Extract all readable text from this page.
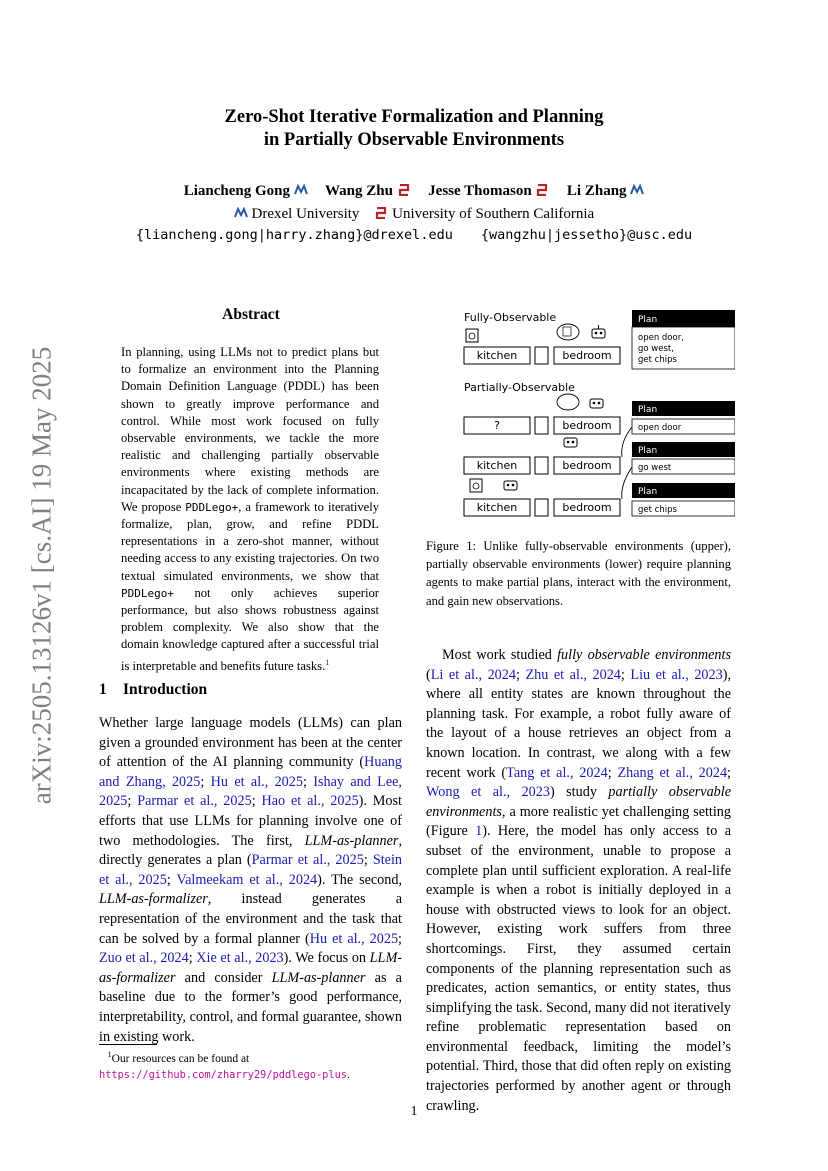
Zero-Shot Iterative Formalization and Planning
in Partially Observable Environments
Liancheng Gong Wang Zhu Jesse Thomason Li Zhang
Drexel University University of Southern California
{liancheng.gong|harry.zhang}@drexel.edu {wangzhu|jessetho}@usc.edu
arXiv:2505.13126v1 [cs.AI] 19 May 2025
Abstract
In planning, using LLMs not to predict plans but to formalize an environment into the Planning Domain Definition Language (PDDL) has been shown to greatly improve performance and control. While most work focused on fully observable environments, we tackle the more realistic and challenging partially observable environments where existing methods are incapacitated by the lack of complete information. We propose PDDLego+, a framework to iteratively formalize, plan, grow, and refine PDDL representations in a zero-shot manner, without needing access to any existing trajectories. On two textual simulated environments, we show that PDDLego+ not only achieves superior performance, but also shows robustness against problem complexity. We also show that the domain knowledge captured after a successful trial is interpretable and benefits future tasks.$^1$
1 Introduction
Whether large language models (LLMs) can plan given a grounded environment has been at the center of attention of the AI planning community (Huang and Zhang, 2025; Hu et al., 2025; Ishay and Lee, 2025; Parmar et al., 2025; Hao et al., 2025). Most efforts that use LLMs for planning involve one of two methodologies. The first, LLM-as-planner, directly generates a plan (Parmar et al., 2025; Stein et al., 2025; Valmeekam et al., 2024). The second, LLM-as-formalizer, instead generates a representation of the environment and the task that can be solved by a formal planner (Hu et al., 2025; Zuo et al., 2024; Xie et al., 2023). We focus on LLM-as-formalizer and consider LLM-as-planner as a baseline due to the former’s good performance, interpretability, control, and formal guarantee, shown in existing work.
$^1$Our resources can be found at https://github.com/zharry29/pddlego-plus.
Fully-Observable
kitchen	bedroom
Plan
open door,
go west,
get chips
Partially-Observable
?	bedroom
Plan
open door
kitchen	bedroom
Plan
go west
kitchen	bedroom
Plan
get chips
Figure 1: Unlike fully-observable environments (upper), partially observable environments (lower) require planning agents to make partial plans, interact with the environment, and gain new observations.
Most work studied fully observable environments (Li et al., 2024; Zhu et al., 2024; Liu et al., 2023), where all entity states are known throughout the planning task. For example, a robot fully aware of the layout of a house retrieves an object from a known location. In contrast, we along with a few recent work (Tang et al., 2024; Zhang et al., 2024; Wong et al., 2023) study partially observable environments, a more realistic yet challenging setting (Figure 1). Here, the model has only access to a subset of the environment, unable to propose a complete plan until sufficient exploration. A real-life example is when a robot is initially deployed in a house with obstructed views to look for an object. However, existing work suffers from three shortcomings. First, they assumed certain components of the planning representation such as predicates, action semantics, or entity states, thus simplifying the task. Second, many did not iteratively refine problematic representation based on environmental feedback, limiting the model’s potential. Third, those that did often reply on existing trajectories performed by another agent or through crawling.
1
